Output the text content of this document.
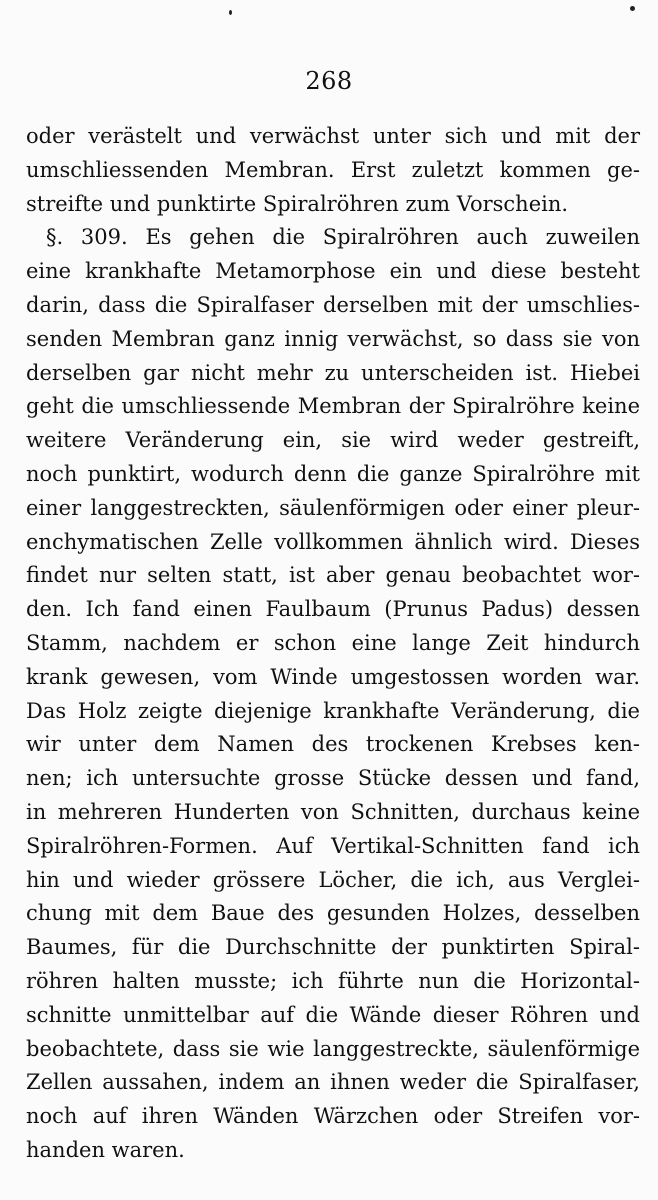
268
oder verästelt und verwächst unter sich und mit der
umschliessenden Membran. Erst zuletzt kommen ge-
streifte und punktirte Spiralröhren zum Vorschein.
§. 309. Es gehen die Spiralröhren auch zuweilen
eine krankhafte Metamorphose ein und diese besteht
darin, dass die Spiralfaser derselben mit der umschlies-
senden Membran ganz innig verwächst, so dass sie von
derselben gar nicht mehr zu unterscheiden ist. Hiebei
geht die umschliessende Membran der Spiralröhre keine
weitere Veränderung ein, sie wird weder gestreift,
noch punktirt, wodurch denn die ganze Spiralröhre mit
einer langgestreckten, säulenförmigen oder einer pleur-
enchymatischen Zelle vollkommen ähnlich wird. Dieses
findet nur selten statt, ist aber genau beobachtet wor-
den. Ich fand einen Faulbaum (Prunus Padus) dessen
Stamm, nachdem er schon eine lange Zeit hindurch
krank gewesen, vom Winde umgestossen worden war.
Das Holz zeigte diejenige krankhafte Veränderung, die
wir unter dem Namen des trockenen Krebses ken-
nen; ich untersuchte grosse Stücke dessen und fand,
in mehreren Hunderten von Schnitten, durchaus keine
Spiralröhren-Formen. Auf Vertikal-Schnitten fand ich
hin und wieder grössere Löcher, die ich, aus Verglei-
chung mit dem Baue des gesunden Holzes, desselben
Baumes, für die Durchschnitte der punktirten Spiral-
röhren halten musste; ich führte nun die Horizontal-
schnitte unmittelbar auf die Wände dieser Röhren und
beobachtete, dass sie wie langgestreckte, säulenförmige
Zellen aussahen, indem an ihnen weder die Spiralfaser,
noch auf ihren Wänden Wärzchen oder Streifen vor-
handen waren.
